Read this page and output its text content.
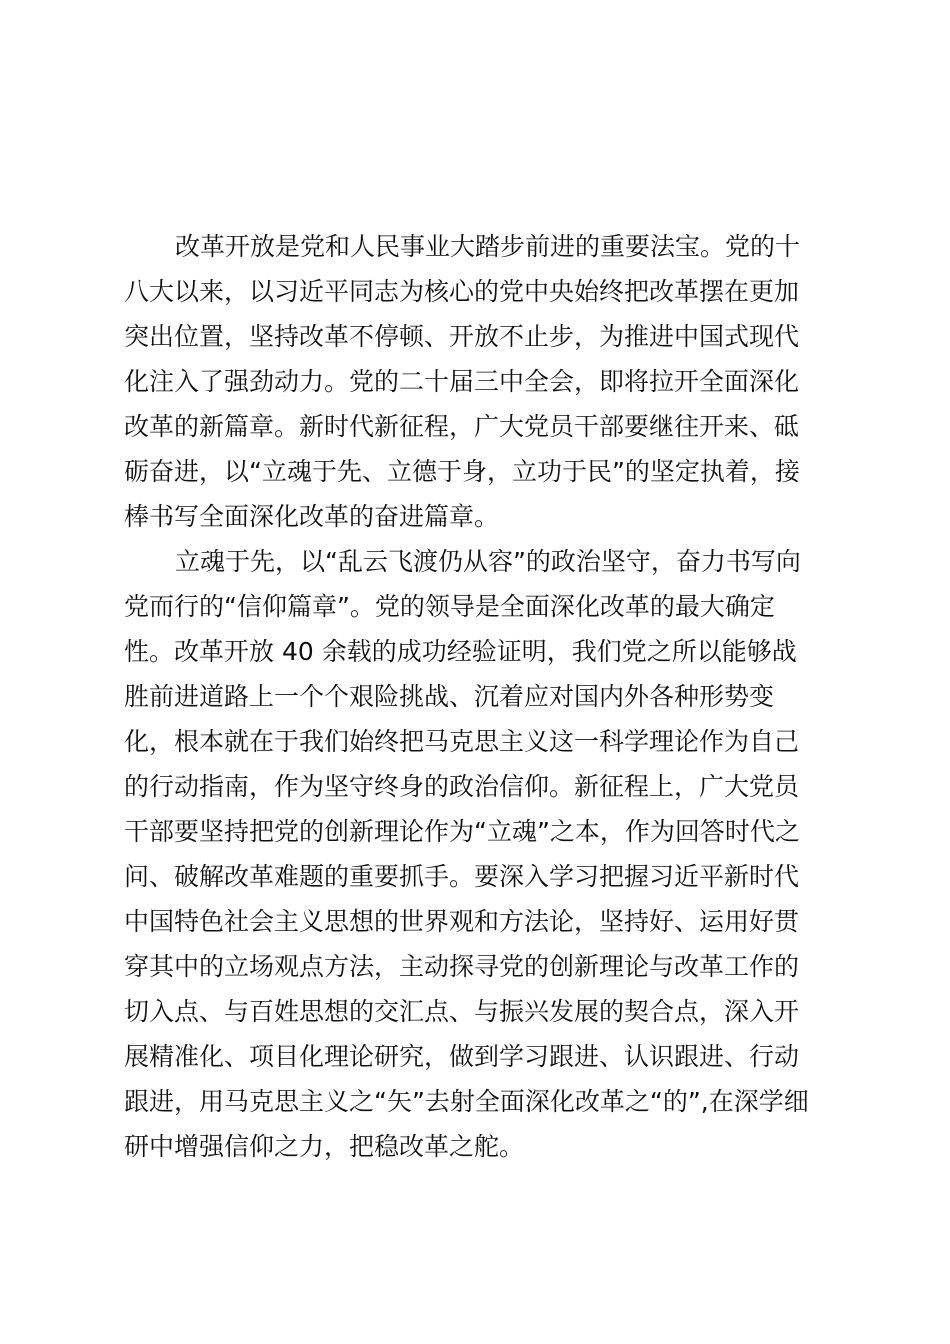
改革开放是党和人民事业大踏步前进的重要法宝。党的十
八大以来，以习近平同志为核心的党中央始终把改革摆在更加
突出位置，坚持改革不停顿、开放不止步，为推进中国式现代
化注入了强劲动力。党的二十届三中全会，即将拉开全面深化
改革的新篇章。新时代新征程，广大党员干部要继往开来、砥
砺奋进，以“立魂于先、立德于身，立功于民”的坚定执着，接
棒书写全面深化改革的奋进篇章。
立魂于先，以“乱云飞渡仍从容”的政治坚守，奋力书写向
党而行的“信仰篇章”。党的领导是全面深化改革的最大确定
性。改革开放 40 余载的成功经验证明，我们党之所以能够战
胜前进道路上一个个艰险挑战、沉着应对国内外各种形势变
化，根本就在于我们始终把马克思主义这一科学理论作为自己
的行动指南，作为坚守终身的政治信仰。新征程上，广大党员
干部要坚持把党的创新理论作为“立魂”之本，作为回答时代之
问、破解改革难题的重要抓手。要深入学习把握习近平新时代
中国特色社会主义思想的世界观和方法论，坚持好、运用好贯
穿其中的立场观点方法，主动探寻党的创新理论与改革工作的
切入点、与百姓思想的交汇点、与振兴发展的契合点，深入开
展精准化、项目化理论研究，做到学习跟进、认识跟进、行动
跟进，用马克思主义之“矢”去射全面深化改革之“的”,在深学细
研中增强信仰之力，把稳改革之舵。
